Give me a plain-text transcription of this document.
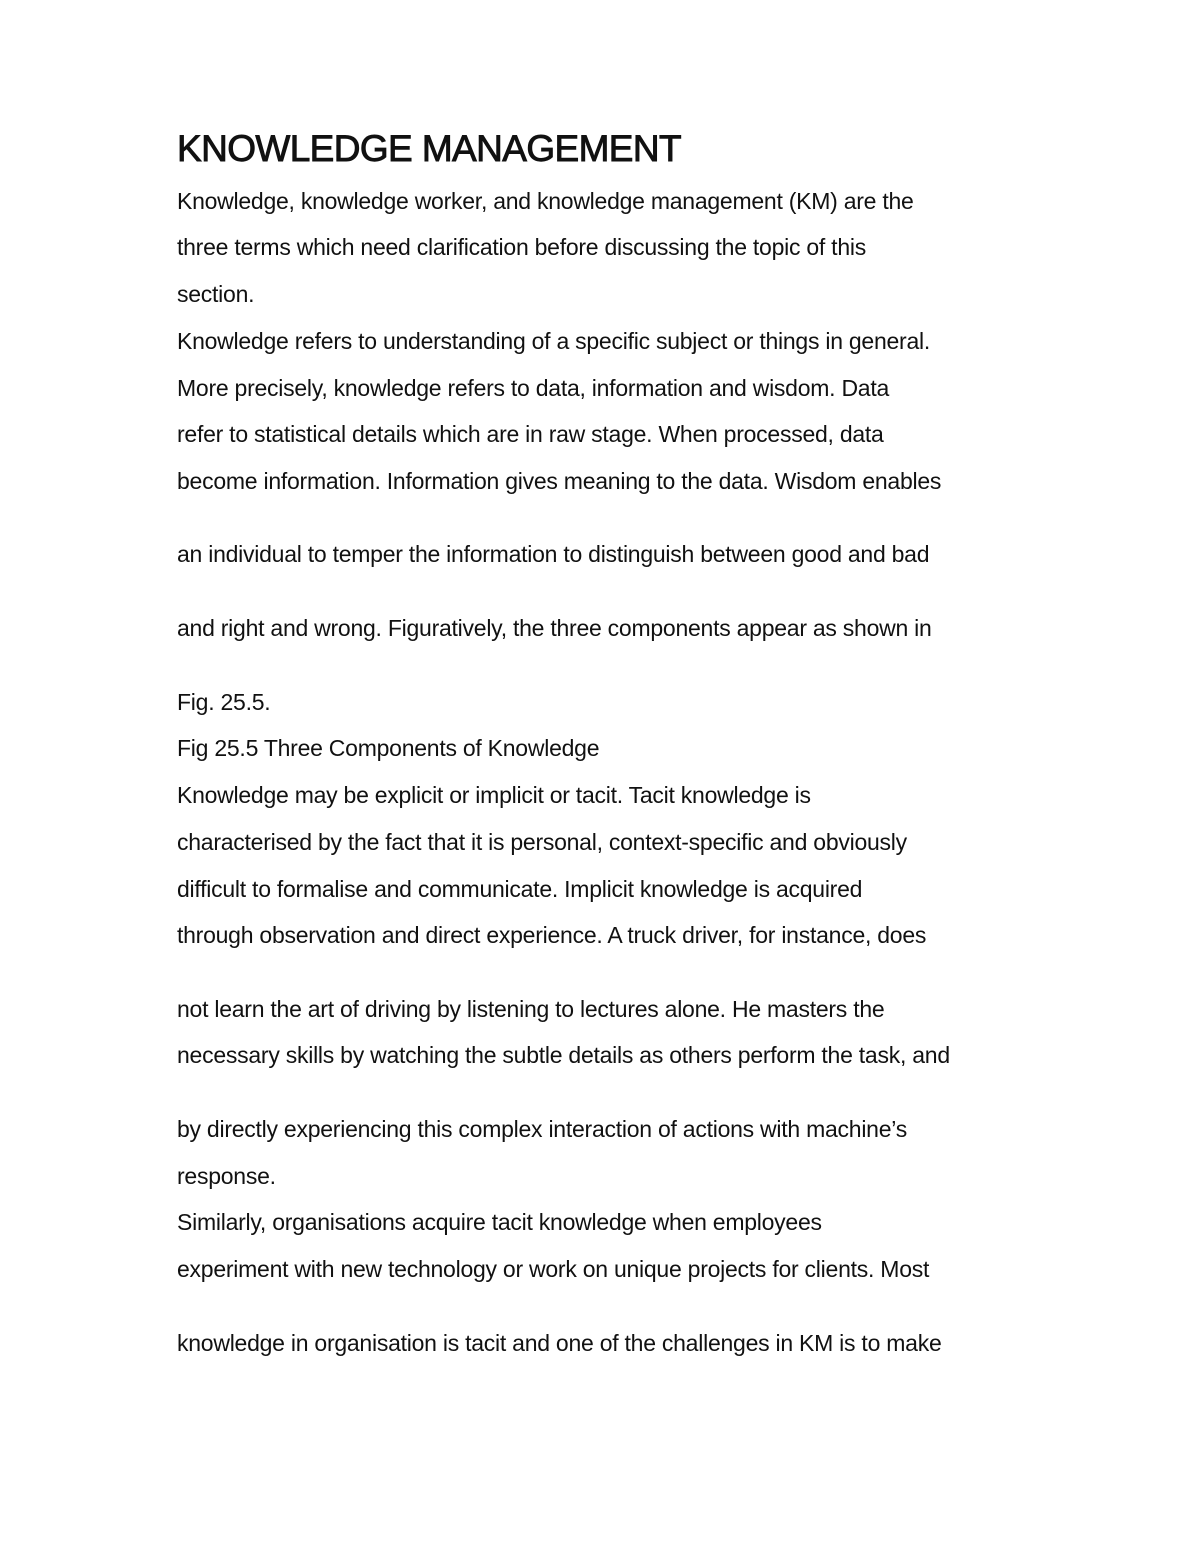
KNOWLEDGE MANAGEMENT

Knowledge, knowledge worker, and knowledge management (KM) are the

three terms which need clarification before discussing the topic of this

section.

Knowledge refers to understanding of a specific subject or things in general.

More precisely, knowledge refers to data, information and wisdom. Data

refer to statistical details which are in raw stage. When processed, data

become information. Information gives meaning to the data. Wisdom enables

an individual to temper the information to distinguish between good and bad

and right and wrong. Figuratively, the three components appear as shown in

Fig. 25.5.

Fig 25.5 Three Components of Knowledge

Knowledge may be explicit or implicit or tacit. Tacit knowledge is

characterised by the fact that it is personal, context-specific and obviously

difficult to formalise and communicate. Implicit knowledge is acquired

through observation and direct experience. A truck driver, for instance, does

not learn the art of driving by listening to lectures alone. He masters the

necessary skills by watching the subtle details as others perform the task, and

by directly experiencing this complex interaction of actions with machine’s

response.

Similarly, organisations acquire tacit knowledge when employees

experiment with new technology or work on unique projects for clients. Most

knowledge in organisation is tacit and one of the challenges in KM is to make
